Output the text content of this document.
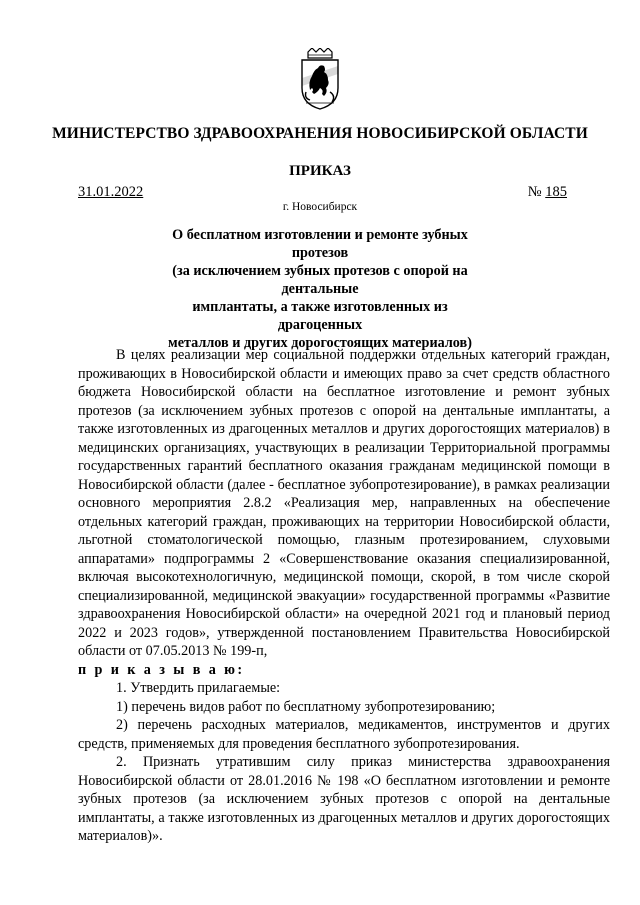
МИНИСТЕРСТВО ЗДРАВООХРАНЕНИЯ НОВОСИБИРСКОЙ ОБЛАСТИ
ПРИКАЗ
31.01.2022	№ 185
г. Новосибирск
О бесплатном изготовлении и ремонте зубных протезов
(за исключением зубных протезов с опорой на дентальные
имплантаты, а также изготовленных из драгоценных
металлов и других дорогостоящих материалов)

В целях реализации мер социальной поддержки отдельных категорий граждан, проживающих в Новосибирской области и имеющих право за счет средств областного бюджета Новосибирской области на бесплатное изготовление и ремонт зубных протезов (за исключением зубных протезов с опорой на дентальные имплантаты, а также изготовленных из драгоценных металлов и других дорогостоящих материалов) в медицинских организациях, участвующих в реализации Территориальной программы государственных гарантий бесплатного оказания гражданам медицинской помощи в Новосибирской области (далее - бесплатное зубопротезирование), в рамках реализации основного мероприятия 2.8.2 «Реализация мер, направленных на обеспечение отдельных категорий граждан, проживающих на территории Новосибирской области, льготной стоматологической помощью, глазным протезированием, слуховыми аппаратами» подпрограммы 2 «Совершенствование оказания специализированной, включая высокотехнологичную, медицинской помощи, скорой, в том числе скорой специализированной, медицинской эвакуации» государственной программы «Развитие здравоохранения Новосибирской области» на очередной 2021 год и плановый период 2022 и 2023 годов», утвержденной постановлением Правительства Новосибирской области от 07.05.2013 № 199-п,

п р и к а з ы в а ю:

1. Утвердить прилагаемые:

1) перечень видов работ по бесплатному зубопротезированию;

2) перечень расходных материалов, медикаментов, инструментов и других средств, применяемых для проведения бесплатного зубопротезирования.

2. Признать утратившим силу приказ министерства здравоохранения Новосибирской области от 28.01.2016 № 198 «О бесплатном изготовлении и ремонте зубных протезов (за исключением зубных протезов с опорой на дентальные имплантаты, а также изготовленных из драгоценных металлов и других дорогостоящих материалов)».
